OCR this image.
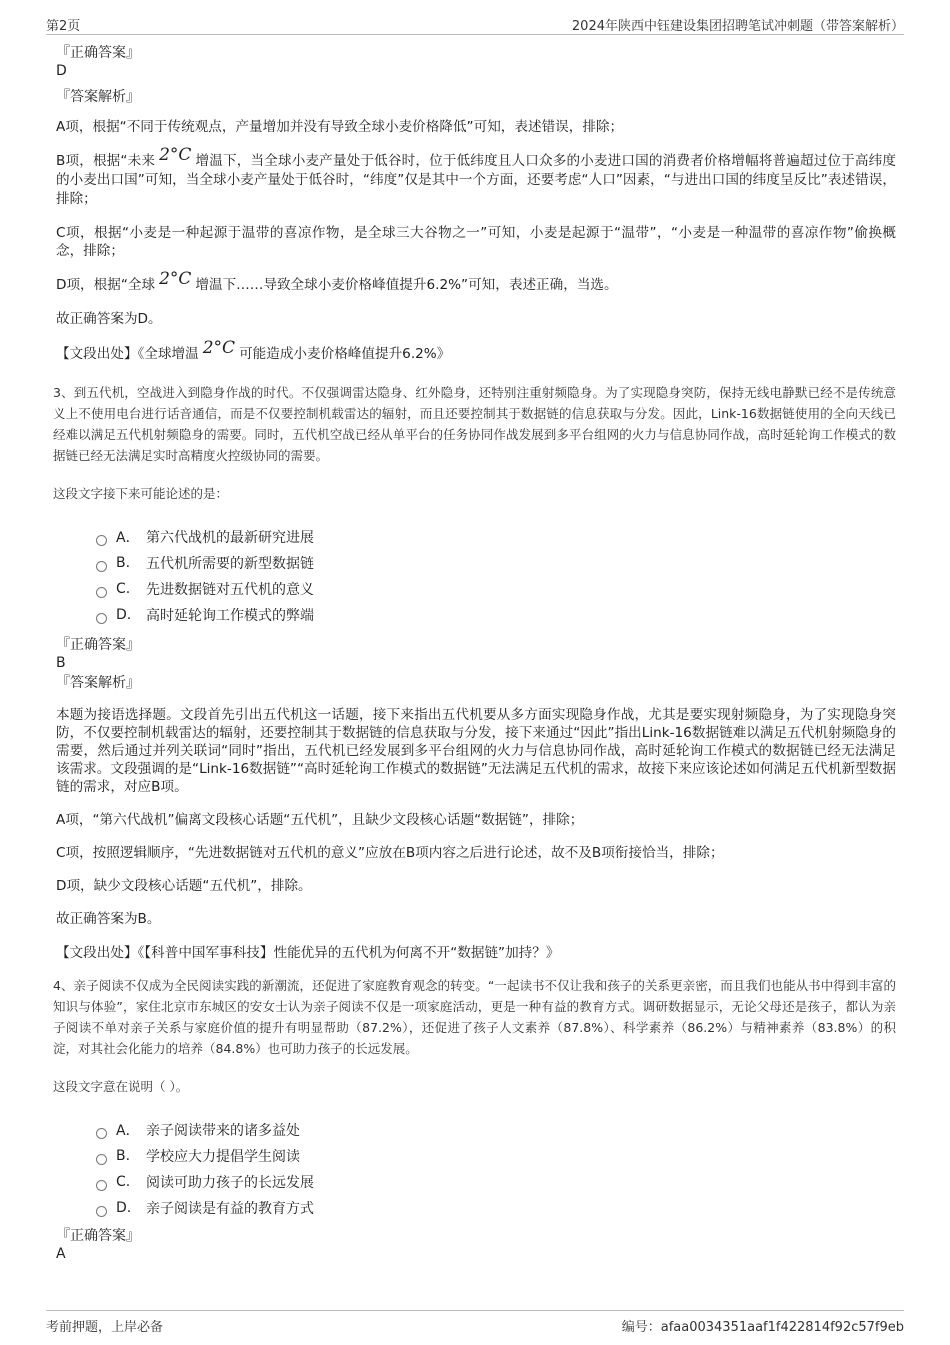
第2页	2024年陕西中钰建设集团招聘笔试冲刺题（带答案解析）
『正确答案』
D
『答案解析』
A项，根据“不同于传统观点，产量增加并没有导致全球小麦价格降低”可知，表述错误，排除；
B项，根据“未来 2°C 增温下，当全球小麦产量处于低谷时，位于低纬度且人口众多的小麦进口国的消费者价格增幅将普遍超过位于高纬度的小麦出口国”可知，当全球小麦产量处于低谷时，“纬度”仅是其中一个方面，还要考虑“人口”因素，“与进出口国的纬度呈反比”表述错误，排除；
C项，根据“小麦是一种起源于温带的喜凉作物，是全球三大谷物之一”可知，小麦是起源于“温带”，“小麦是一种温带的喜凉作物”偷换概念，排除；
D项，根据“全球 2°C 增温下……导致全球小麦价格峰值提升6.2%”可知，表述正确，当选。
故正确答案为D。
【文段出处】《全球增温 2°C 可能造成小麦价格峰值提升6.2%》
3、到五代机，空战进入到隐身作战的时代。不仅强调雷达隐身、红外隐身，还特别注重射频隐身。为了实现隐身突防，保持无线电静默已经不是传统意义上不使用电台进行话音通信，而是不仅要控制机载雷达的辐射，而且还要控制其于数据链的信息获取与分发。因此，Link-16数据链使用的全向天线已经难以满足五代机射频隐身的需要。同时，五代机空战已经从单平台的任务协同作战发展到多平台组网的火力与信息协同作战，高时延轮询工作模式的数据链已经无法满足实时高精度火控级协同的需要。
这段文字接下来可能论述的是：
A． 第六代战机的最新研究进展
B.	五代机所需要的新型数据链
C.	先进数据链对五代机的意义
D.	高时延轮询工作模式的弊端
『正确答案』
B
『答案解析』
本题为接语选择题。文段首先引出五代机这一话题，接下来指出五代机要从多方面实现隐身作战，尤其是要实现射频隐身，为了实现隐身突防，不仅要控制机载雷达的辐射，还要控制其于数据链的信息获取与分发，接下来通过“因此”指出Link-16数据链难以满足五代机射频隐身的需要，然后通过并列关联词“同时”指出，五代机已经发展到多平台组网的火力与信息协同作战，高时延轮询工作模式的数据链已经无法满足该需求。文段强调的是“Link-16数据链”“高时延轮询工作模式的数据链”无法满足五代机的需求，故接下来应该论述如何满足五代机新型数据链的需求，对应B项。
A项，“第六代战机”偏离文段核心话题“五代机”，且缺少文段核心话题“数据链”，排除；
C项，按照逻辑顺序，“先进数据链对五代机的意义”应放在B项内容之后进行论述，故不及B项衔接恰当，排除；
D项，缺少文段核心话题“五代机”，排除。
故正确答案为B。
【文段出处】《【科普中国军事科技】性能优异的五代机为何离不开“数据链”加持？》
4、亲子阅读不仅成为全民阅读实践的新潮流，还促进了家庭教育观念的转变。“一起读书不仅让我和孩子的关系更亲密，而且我们也能从书中得到丰富的知识与体验”，家住北京市东城区的安女士认为亲子阅读不仅是一项家庭活动，更是一种有益的教育方式。调研数据显示，无论父母还是孩子，都认为亲子阅读不单对亲子关系与家庭价值的提升有明显帮助（87.2%），还促进了孩子人文素养（87.8%）、科学素养（86.2%）与精神素养（83.8%）的积淀，对其社会化能力的培养（84.8%）也可助力孩子的长远发展。
这段文字意在说明（ ）。
A． 亲子阅读带来的诸多益处
B.	学校应大力提倡学生阅读
C.	阅读可助力孩子的长远发展
D.	亲子阅读是有益的教育方式
『正确答案』
A
考前押题，上岸必备	编号：afaa0034351aaf1f422814f92c57f9eb
